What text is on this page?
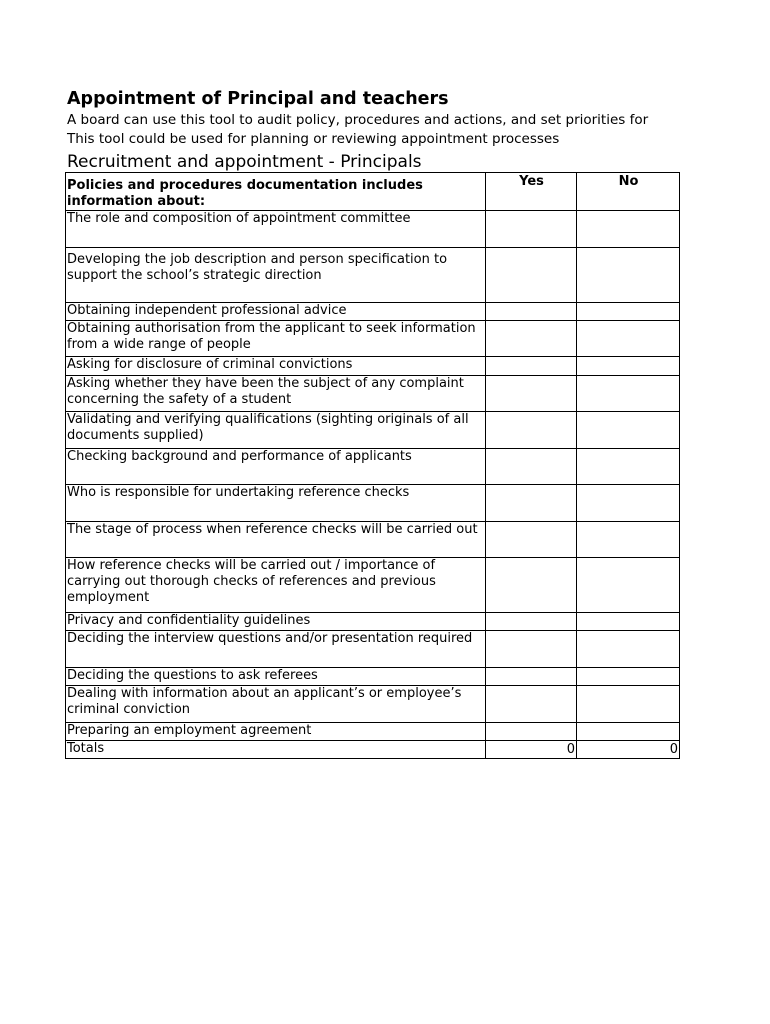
Appointment of Principal and teachers
A board can use this tool to audit policy, procedures and actions, and set priorities for
This tool could be used for planning or reviewing appointment processes
Recruitment and appointment - Principals
Policies and procedures documentation includes information about:	Yes	No
The role and composition of appointment committee		
Developing the job description and person specification to support the school’s strategic direction		
Obtaining independent professional advice		
Obtaining authorisation from the applicant to seek information from a wide range of people		
Asking for disclosure of criminal convictions		
Asking whether they have been the subject of any complaint concerning the safety of a student		
Validating and verifying qualifications (sighting originals of all documents supplied)		
Checking background and performance of applicants		
Who is responsible for undertaking reference checks		
The stage of process when reference checks will be carried out		
How reference checks will be carried out / importance of carrying out thorough checks of references and previous employment		
Privacy and confidentiality guidelines		
Deciding the interview questions and/or presentation required		
Deciding the questions to ask referees		
Dealing with information about an applicant’s or employee’s criminal conviction		
Preparing an employment agreement		
Totals	0	0
